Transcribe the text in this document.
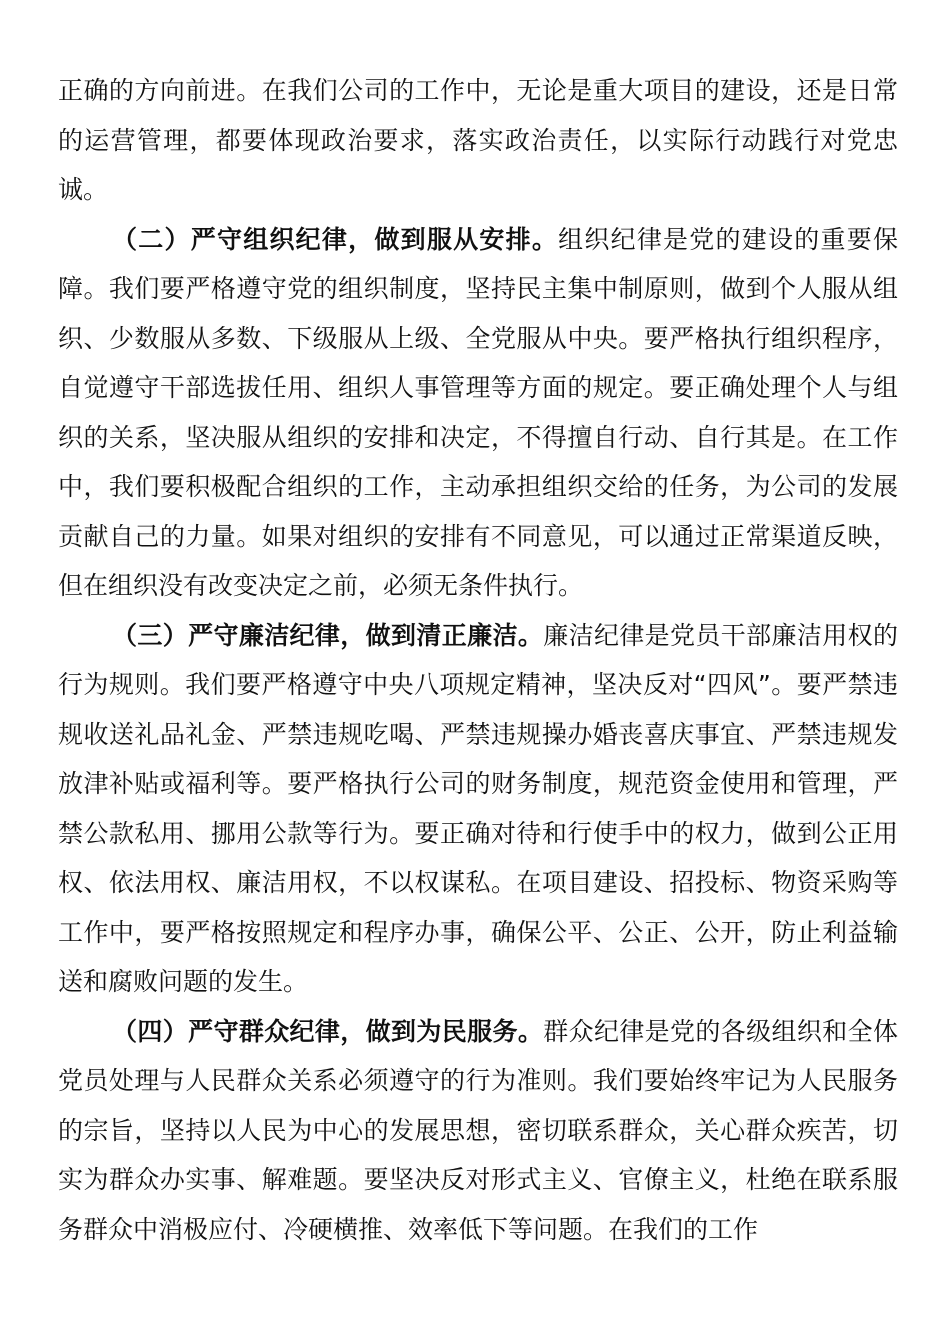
正确的方向前进。在我们公司的工作中，无论是重大项目的建设，还是日常的运营管理，都要体现政治要求，落实政治责任，以实际行动践行对党忠诚。

（二）严守组织纪律，做到服从安排。组织纪律是党的建设的重要保障。我们要严格遵守党的组织制度，坚持民主集中制原则，做到个人服从组织、少数服从多数、下级服从上级、全党服从中央。要严格执行组织程序，自觉遵守干部选拔任用、组织人事管理等方面的规定。要正确处理个人与组织的关系，坚决服从组织的安排和决定，不得擅自行动、自行其是。在工作中，我们要积极配合组织的工作，主动承担组织交给的任务，为公司的发展贡献自己的力量。如果对组织的安排有不同意见，可以通过正常渠道反映，但在组织没有改变决定之前，必须无条件执行。

（三）严守廉洁纪律，做到清正廉洁。廉洁纪律是党员干部廉洁用权的行为规则。我们要严格遵守中央八项规定精神，坚决反对“四风”。要严禁违规收送礼品礼金、严禁违规吃喝、严禁违规操办婚丧喜庆事宜、严禁违规发放津补贴或福利等。要严格执行公司的财务制度，规范资金使用和管理，严禁公款私用、挪用公款等行为。要正确对待和行使手中的权力，做到公正用权、依法用权、廉洁用权，不以权谋私。在项目建设、招投标、物资采购等工作中，要严格按照规定和程序办事，确保公平、公正、公开，防止利益输送和腐败问题的发生。

（四）严守群众纪律，做到为民服务。群众纪律是党的各级组织和全体党员处理与人民群众关系必须遵守的行为准则。我们要始终牢记为人民服务的宗旨，坚持以人民为中心的发展思想，密切联系群众，关心群众疾苦，切实为群众办实事、解难题。要坚决反对形式主义、官僚主义，杜绝在联系服务群众中消极应付、冷硬横推、效率低下等问题。在我们的工作
